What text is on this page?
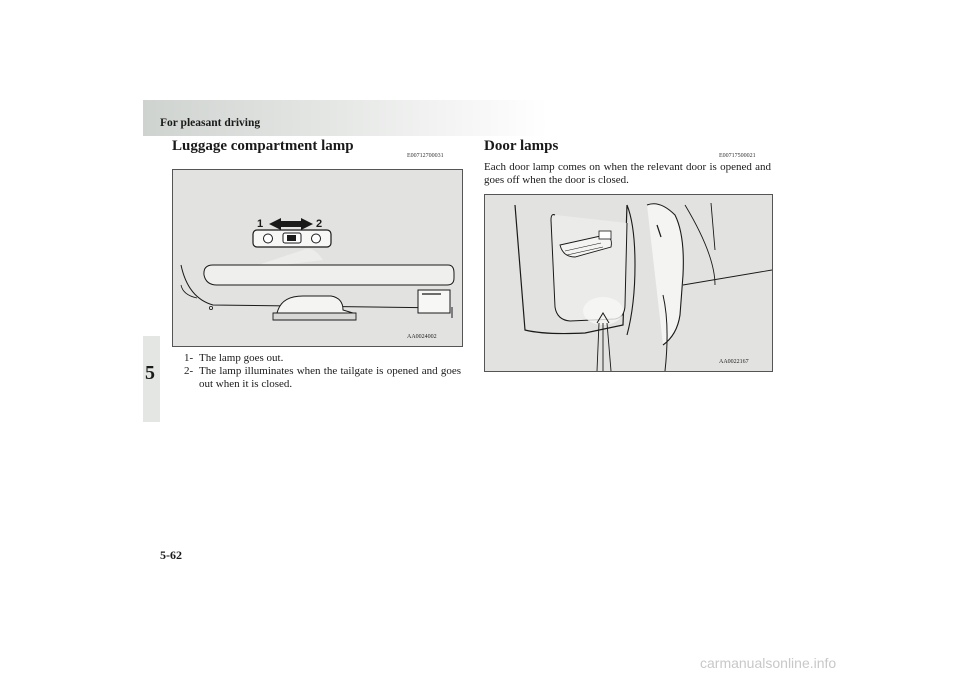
For pleasant driving
5
Luggage compartment lamp
E00712700031
1	2
AA0024002
1- The lamp goes out.
2- The lamp illuminates when the tailgate is opened and goes out when it is closed.
Door lamps
E00717500021
Each door lamp comes on when the relevant door is opened and goes off when the door is closed.
AA0022167
5-62
carmanualsonline.info
